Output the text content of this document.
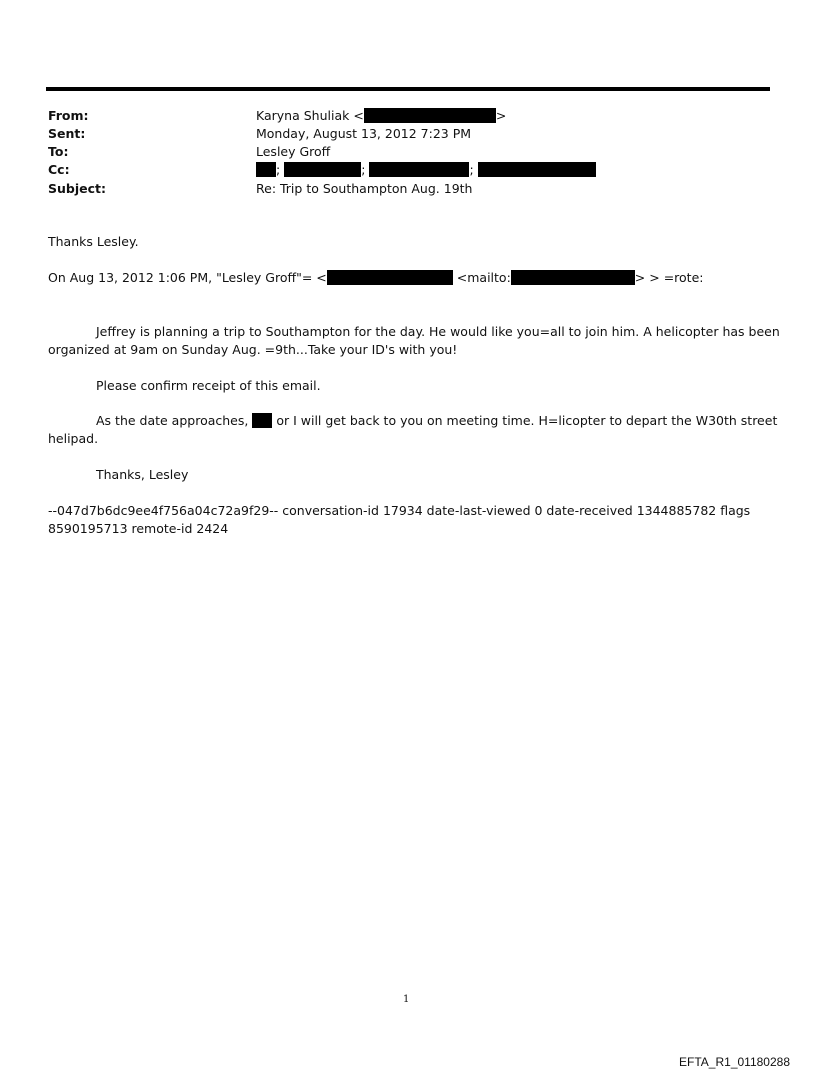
From:	Karyna Shuliak <	>
Sent:	Monday, August 13, 2012 7:23 PM
To:	Lesley Groff
Cc:	;	;	;
Subject:	Re: Trip to Southampton Aug. 19th
Thanks Lesley.
On Aug 13, 2012 1:06 PM, "Lesley Groff"= <	<mailto:	> > =rote:
Jeffrey is planning a trip to Southampton for the day. He would like you=all to join him. A helicopter has been
organized at 9am on Sunday Aug. =9th...Take your ID's with you!
Please confirm receipt of this email.
As the date approaches, or I will get back to you on meeting time. H=licopter to depart the W30th street
helipad.
Thanks, Lesley
--047d7b6dc9ee4f756a04c72a9f29-- conversation-id 17934 date-last-viewed 0 date-received 1344885782 flags
8590195713 remote-id 2424
1
EFTA_R1_01180288
